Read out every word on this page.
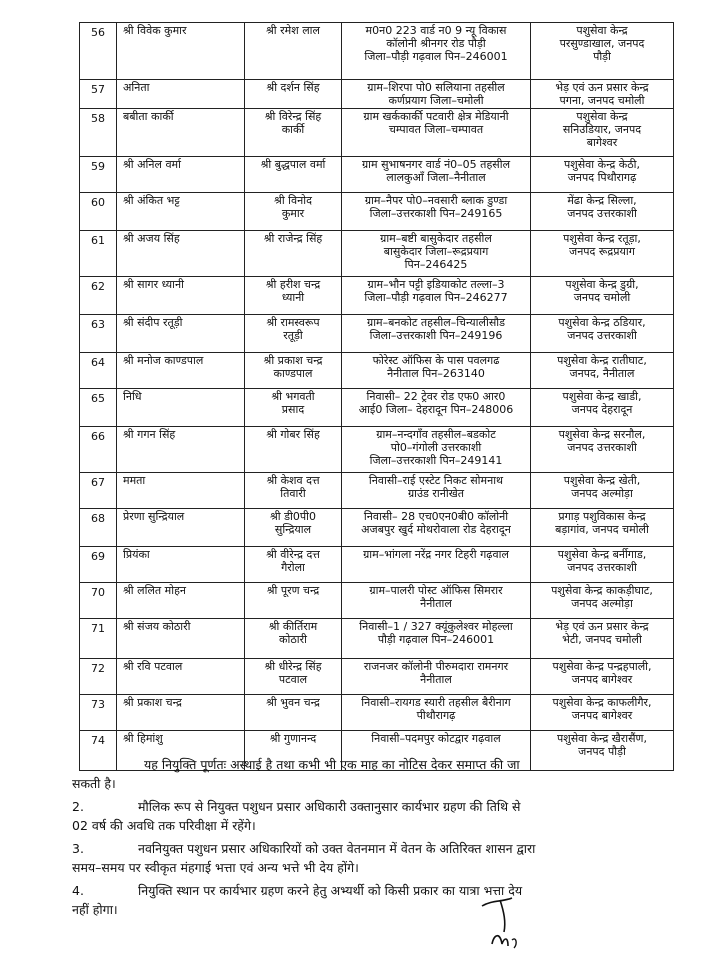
56	श्री विवेक कुमार	श्री रमेश लाल	म0न0 223 वार्ड न0 9 न्यू विकास
कॉलोनी श्रीनगर रोड पौड़ी
जिला–पौड़ी गढ़वाल पिन–246001	पशुसेवा केन्द्र
परसुण्डाखाल, जनपद
पौड़ी

57	अनिता	श्री दर्शन सिंह	ग्राम–शिरपा पो0 सलियाना तहसील
कर्णप्रयाग जिला–चमोली	भेड़ एवं ऊन प्रसार केन्द्र
पगना, जनपद चमोली

58	बबीता कार्की	श्री विरेन्द्र सिंह
कार्की	ग्राम खर्ककार्की पटवारी क्षेत्र मेडियानी
चम्पावत जिला–चम्पावत	पशुसेवा केन्द्र
सनिउडियार, जनपद
बागेश्वर

59	श्री अनिल वर्मा	श्री बुद्धपाल वर्मा	ग्राम सुभाषनगर वार्ड नं0–05 तहसील
लालकुआँ जिला–नैनीताल	पशुसेवा केन्द्र केठी,
जनपद पिथौरागढ़

60	श्री अंकित भट्ट	श्री विनोद
कुमार	ग्राम–नैपर पो0–नवसारी ब्लाक डुण्डा
जिला–उत्तरकाशी पिन–249165	मेंढा केन्द्र सिल्ला,
जनपद उत्तरकाशी

61	श्री अजय सिंह	श्री राजेन्द्र सिंह	ग्राम–बष्टी बासुकेदार तहसील
बासुकेदार जिला–रूद्रप्रयाग
पिन–246425	पशुसेवा केन्द्र रतूड़ा,
जनपद रूद्रप्रयाग

62	श्री सागर ध्यानी	श्री हरीश चन्द्र
ध्यानी	ग्राम–भौन पट्टी इडियाकोट तल्ला–3
जिला–पौड़ी गढ़वाल पिन–246277	पशुसेवा केन्द्र डुग्री,
जनपद चमोली

63	श्री संदीप रतूड़ी	श्री रामस्वरूप
रतूड़ी	ग्राम–बनकोट तहसील–चिन्यालीसौड
जिला–उत्तरकाशी पिन–249196	पशुसेवा केन्द्र ठडियार,
जनपद उत्तरकाशी

64	श्री मनोज काण्डपाल	श्री प्रकाश चन्द्र
काण्डपाल	फोरेस्ट ऑफिस के पास पवलगढ
नैनीताल पिन–263140	पशुसेवा केन्द्र रातीघाट,
जनपद, नैनीताल

65	निधि	श्री भगवती
प्रसाद	निवासी– 22 ट्रेवर रोड एफ0 आर0
आई0 जिला– देहरादून पिन–248006	पशुसेवा केन्द्र खाडी,
जनपद देहरादून

66	श्री गगन सिंह	श्री गोबर सिंह	ग्राम–नन्दगाँव तहसील–बडकोट
पो0–गंगोली उत्तरकाशी
जिला–उत्तरकाशी पिन–249141	पशुसेवा केन्द्र सरनौल,
जनपद उत्तरकाशी

67	ममता	श्री केशव दत्त
तिवारी	निवासी–राई एस्टेट निकट सोमनाथ
ग्राउंड रानीखेत	पशुसेवा केन्द्र खेती,
जनपद अल्मोड़ा

68	प्रेरणा सुन्द्रियाल	श्री डी0पी0
सुन्द्रियाल	निवासी– 28 एच0एन0बी0 कॉलोनी
अजबपुर खुर्द मोथरोवाला रोड देहरादून	प्रगाड़ पशुविकास केन्द्र
बड़ागांव, जनपद चमोली

69	प्रियंका	श्री वीरेन्द्र दत्त
गैरोला	ग्राम–भांगला नरेंद्र नगर टिहरी गढ़वाल	पशुसेवा केन्द्र बर्नीगाड,
जनपद उत्तरकाशी

70	श्री ललित मोहन	श्री पूरण चन्द्र	ग्राम–पालरी पोस्ट ऑफिस सिमरार
नैनीताल	पशुसेवा केन्द्र काकड़ीघाट,
जनपद अल्मोड़ा

71	श्री संजय कोठारी	श्री कीर्तिराम
कोठारी	निवासी–1 / 327 क्यूंकुलेश्वर मोहल्ला
पौड़ी गढ़वाल पिन–246001	भेड़ एवं ऊन प्रसार केन्द्र
भेटी, जनपद चमोली

72	श्री रवि पटवाल	श्री धीरेन्द्र सिंह
पटवाल	राजनजर कॉलोनी पीरुमदारा रामनगर
नैनीताल	पशुसेवा केन्द्र पन्द्रहपाली,
जनपद बागेश्वर

73	श्री प्रकाश चन्द्र	श्री भुवन चन्द्र	निवासी–रायगड स्यारी तहसील बैरीनाग
पीथौरागढ़	पशुसेवा केन्द्र काफलीगैर,
जनपद बागेश्वर

74	श्री हिमांशु	श्री गुणानन्द	निवासी–पदमपुर कोटद्वार गढ़वाल	पशुसेवा केन्द्र खैरासैंण,
जनपद पौड़ी

यह नियुक्ति पूर्णतः अस्थाई है तथा कभी भी एक माह का नोटिस देकर समाप्त की जा
सकती है।

2.	मौलिक रूप से नियुक्त पशुधन प्रसार अधिकारी उक्तानुसार कार्यभार ग्रहण की तिथि से
02 वर्ष की अवधि तक परिवीक्षा में रहेंगे।

3.	नवनियुक्त पशुधन प्रसार अधिकारियों को उक्त वेतनमान में वेतन के अतिरिक्त शासन द्वारा
समय–समय पर स्वीकृत मंहगाई भत्ता एवं अन्य भत्ते भी देय होंगे।

4.	नियुक्ति स्थान पर कार्यभार ग्रहण करने हेतु अभ्यर्थी को किसी प्रकार का यात्रा भत्ता देय
नहीं होगा।
